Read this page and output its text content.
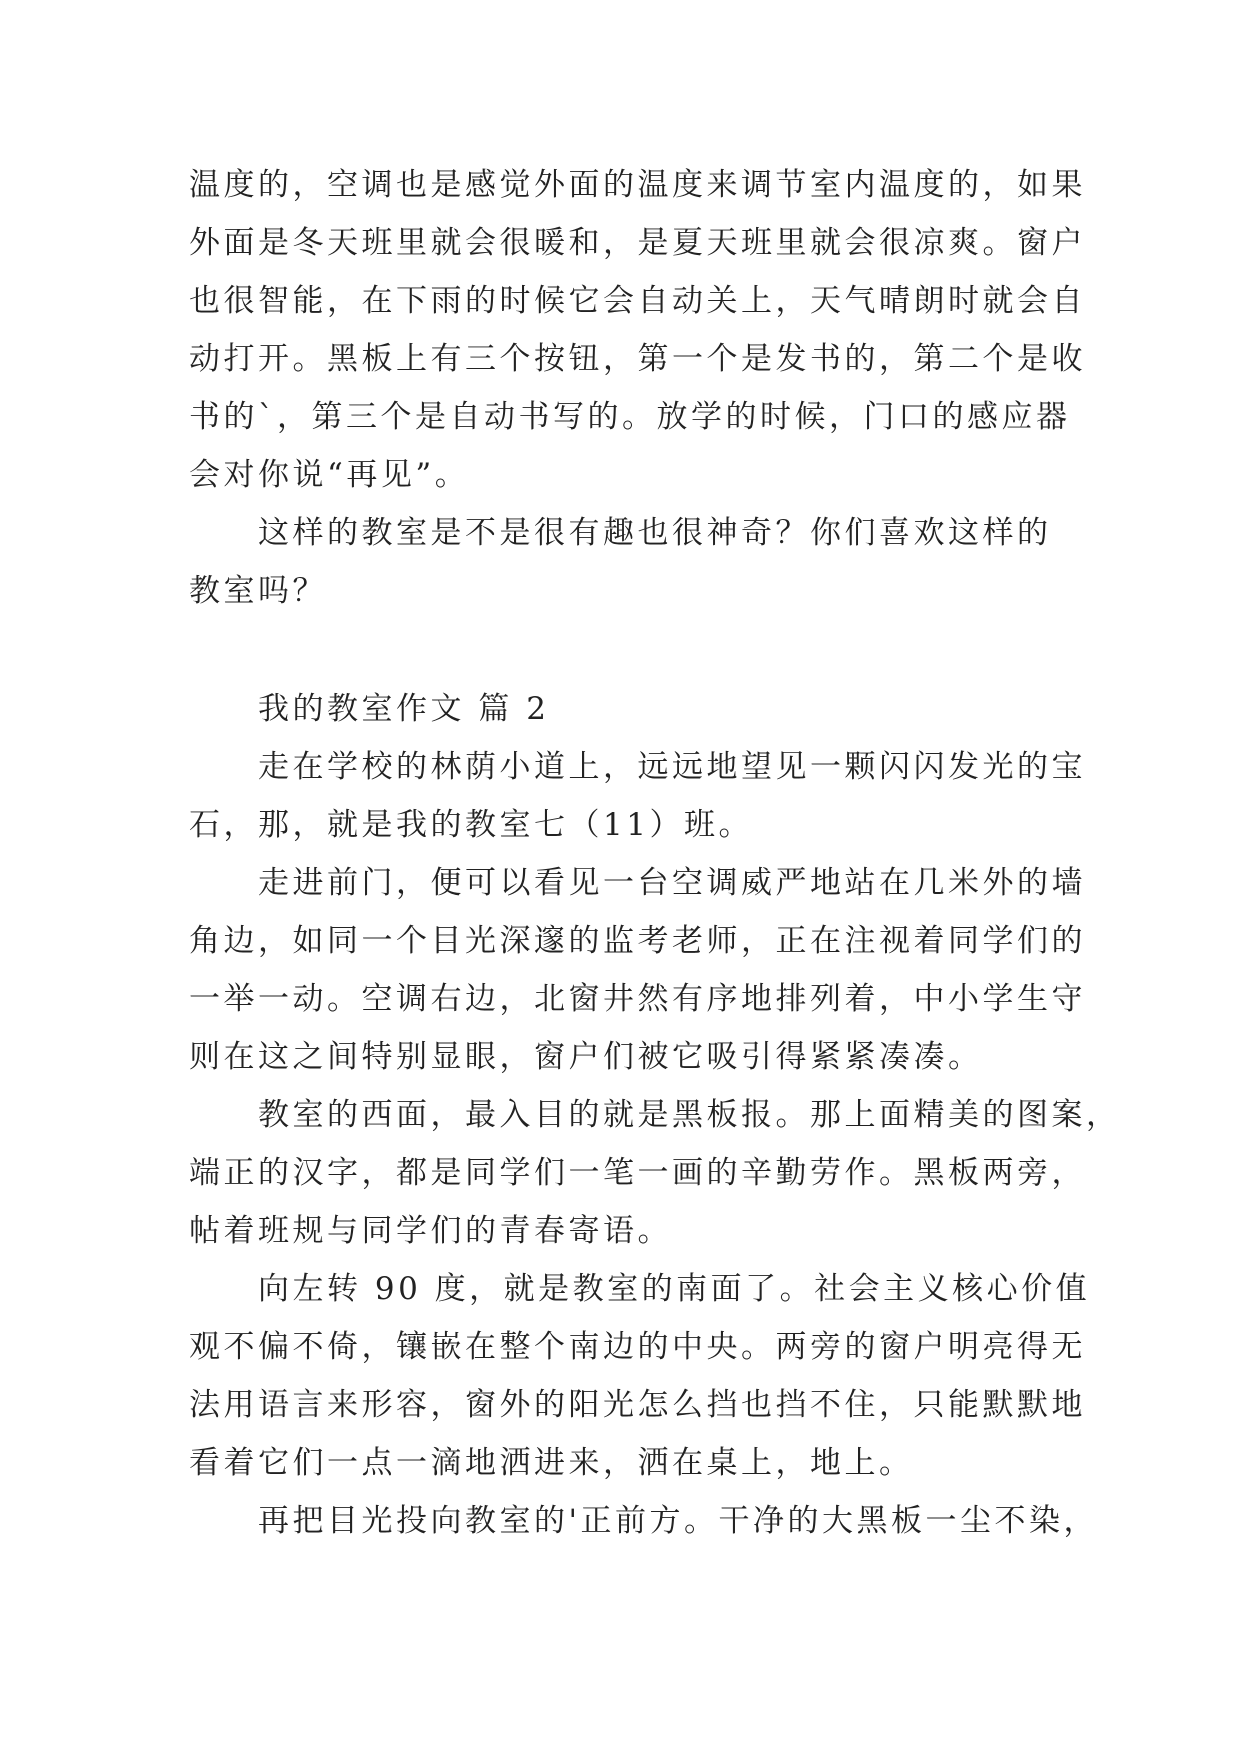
温度的，空调也是感觉外面的温度来调节室内温度的，如果
外面是冬天班里就会很暖和，是夏天班里就会很凉爽。窗户
也很智能，在下雨的时候它会自动关上，天气晴朗时就会自
动打开。黑板上有三个按钮，第一个是发书的，第二个是收
书的`，第三个是自动书写的。放学的时候，门口的感应器
会对你说“再见”。
这样的教室是不是很有趣也很神奇？你们喜欢这样的
教室吗？
我的教室作文 篇 2
走在学校的林荫小道上，远远地望见一颗闪闪发光的宝
石，那，就是我的教室七（11）班。
走进前门，便可以看见一台空调威严地站在几米外的墙
角边，如同一个目光深邃的监考老师，正在注视着同学们的
一举一动。空调右边，北窗井然有序地排列着，中小学生守
则在这之间特别显眼，窗户们被它吸引得紧紧凑凑。
教室的西面，最入目的就是黑板报。那上面精美的图案，
端正的汉字，都是同学们一笔一画的辛勤劳作。黑板两旁，
帖着班规与同学们的青春寄语。
向左转 90 度，就是教室的南面了。社会主义核心价值
观不偏不倚，镶嵌在整个南边的中央。两旁的窗户明亮得无
法用语言来形容，窗外的阳光怎么挡也挡不住，只能默默地
看着它们一点一滴地洒进来，洒在桌上，地上。
再把目光投向教室的'正前方。干净的大黑板一尘不染，
